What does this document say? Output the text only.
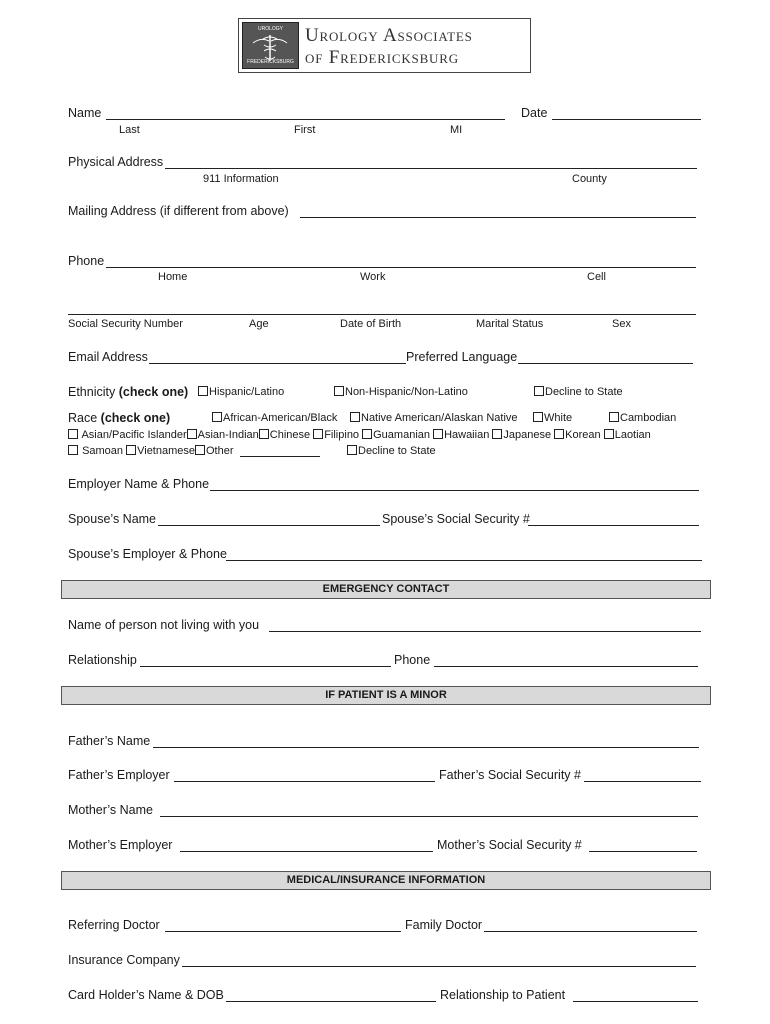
UROLOGY
FREDERICKSBURG
Urology Associates
of Fredericksburg
Name	Date
Last	First	MI
Physical Address
911 Information	County
Mailing Address (if different from above)
Phone
Home	Work	Cell
Social Security Number	Age	Date of Birth	Marital Status	Sex
Email Address	Preferred Language
Ethnicity (check one)	Hispanic/Latino	Non-Hispanic/Non-Latino	Decline to State
Race (check one)	African-American/Black	Native American/Alaskan Native	White	Cambodian
Asian/Pacific Islander Asian-Indian Chinese Filipino Guamanian Hawaiian Japanese Korean Laotian
Samoan Vietnamese Other	Decline to State
Employer Name & Phone
Spouse’s Name	Spouse’s Social Security #
Spouse’s Employer & Phone
EMERGENCY CONTACT
Name of person not living with you
Relationship	Phone
IF PATIENT IS A MINOR
Father’s Name
Father’s Employer	Father’s Social Security #
Mother’s Name
Mother’s Employer	Mother’s Social Security #
MEDICAL/INSURANCE INFORMATION
Referring Doctor	Family Doctor
Insurance Company
Card Holder’s Name & DOB	Relationship to Patient
